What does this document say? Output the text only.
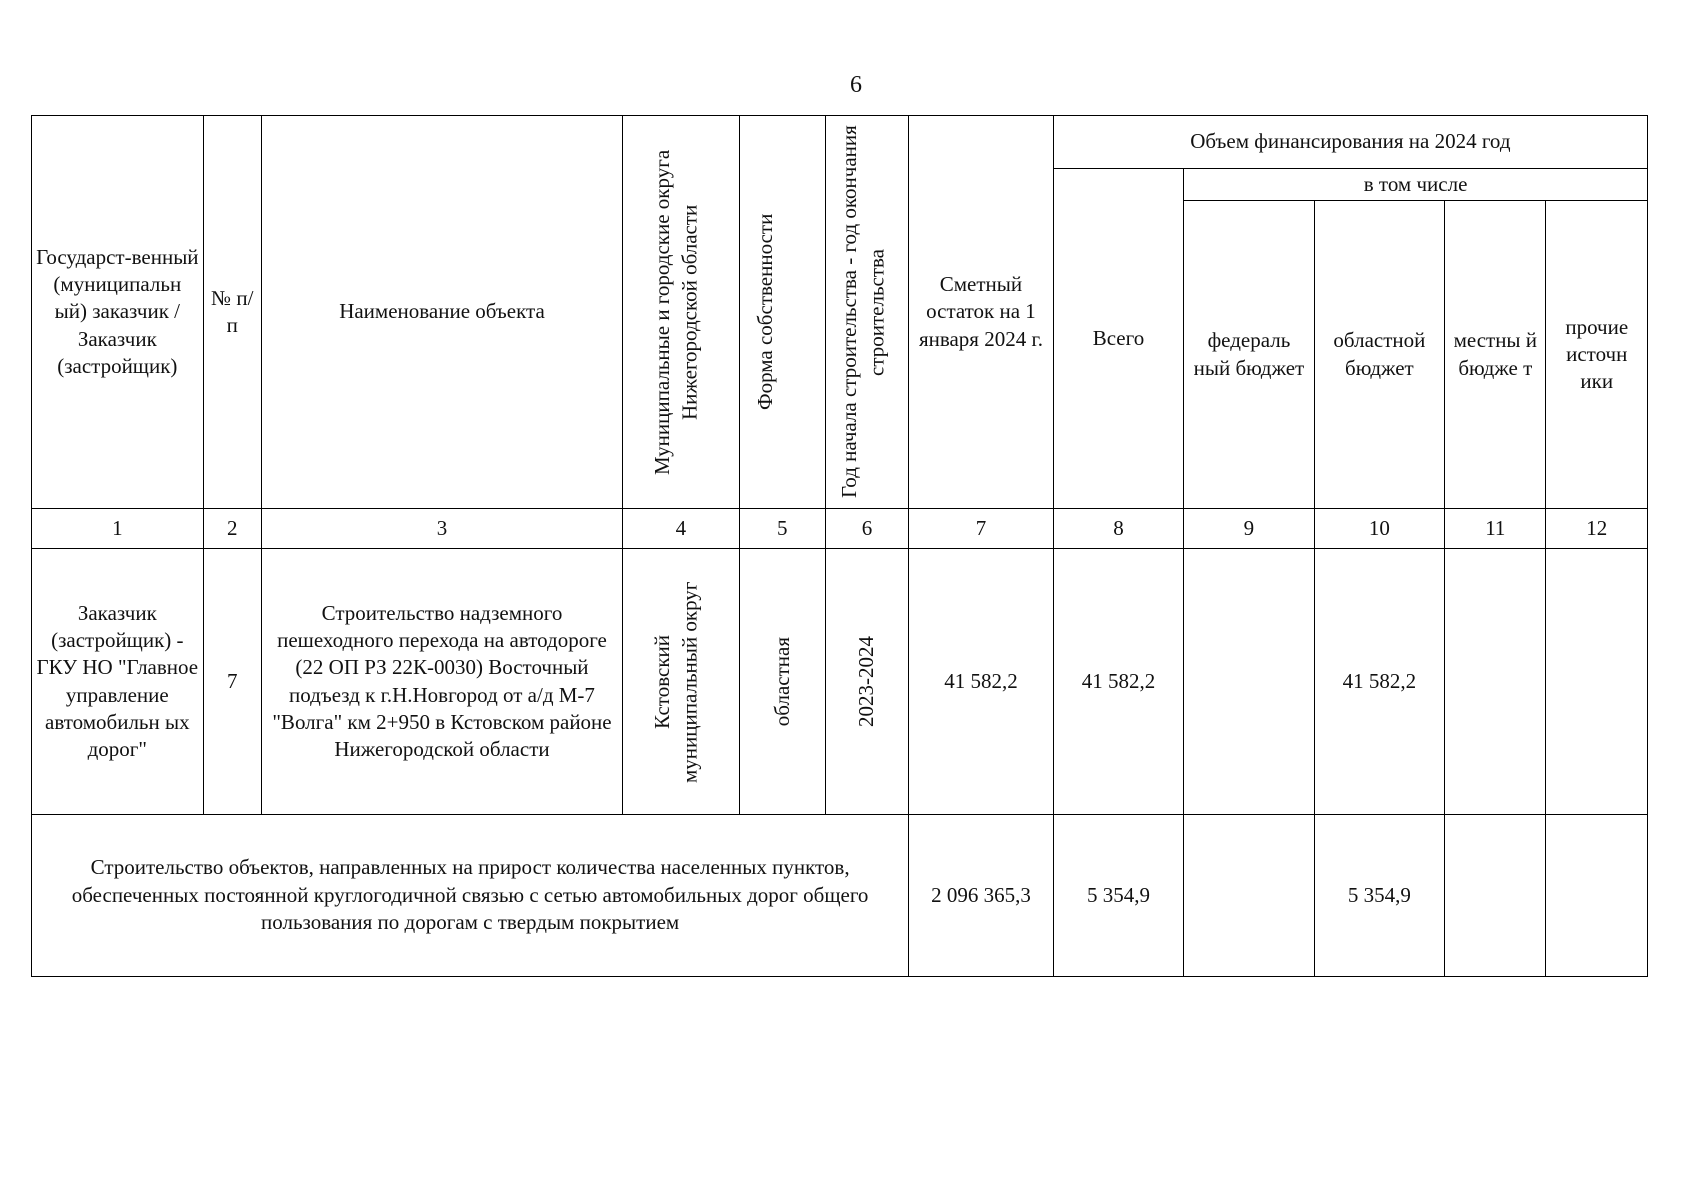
6
Государст-венный (муниципальн ый) заказчик / Заказчик (застройщик)	№ п/п	Наименование объекта	Муниципальные и городские округа Нижегородской области	Форма собственности	Год начала строительства - год окончания строительства	Сметный остаток на 1 января 2024 г.	Объем финансирования на 2024 год				
							Всего	в том числе			
								федераль ный бюджет	областной бюджет	местны й бюдже т	прочие источн ики
1	2	3	4	5	6	7	8	9	10	11	12
Заказчик (застройщик) - ГКУ НО "Главное управление автомобильн ых дорог"	7	Строительство надземного пешеходного перехода на автодороге (22 ОП РЗ 22К-0030) Восточный подъезд к г.Н.Новгород от а/д М-7 "Волга" км 2+950 в Кстовском районе Нижегородской области	Кстовский муниципальный округ	областная	2023-2024	41 582,2	41 582,2		41 582,2		
Строительство объектов, направленных на прирост количества населенных пунктов, обеспеченных постоянной круглогодичной связью с сетью автомобильных дорог общего пользования по дорогам с твердым покрытием						2 096 365,3	5 354,9		5 354,9		
